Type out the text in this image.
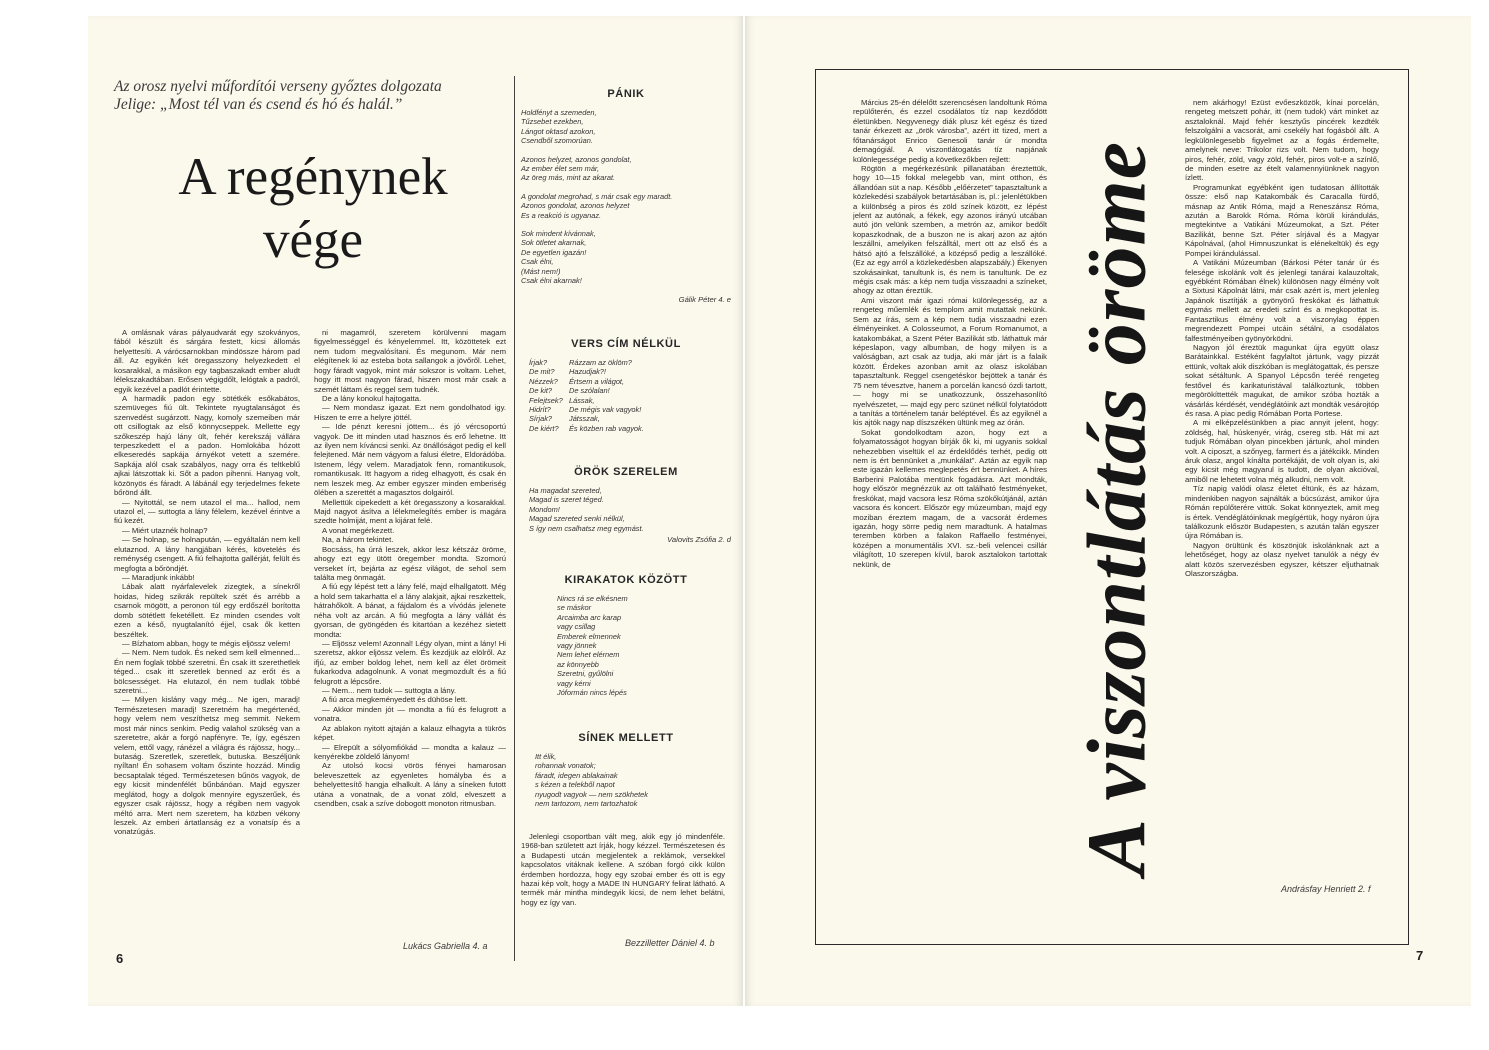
Az orosz nyelvi műfordítói verseny győztes dolgozata
Jelige: „Most tél van és csend és hó és halál.”
A regénynek
vége

A omlásnak váras pályaudvarát egy szokványos, fából készült és sárgára festett, kicsi állomás helyettesíti. A várócsarnokban mindössze három pad áll. Az egyikén két öregasszony helyezkedett el kosarakkal, a másikon egy tagbaszakadt ember aludt lélekszakadtában. Erősen végigdőlt, lelógtak a padról, egyik kezével a padlót érintette.

A harmadik padon egy sötétkék esőkabátos, szemüveges fiú ült. Tekintete nyugtalanságot és szenvedést sugárzott. Nagy, komoly szemeiben már ott csillogtak az első könnycseppek. Mellette egy szőkeszép hajú lány ült, fehér kerekszáj vállára terpeszkedett el a padon. Homlokába hózott elkeseredés sapkája árnyékot vetett a szemére. Sapkája alól csak szabályos, nagy orra és teltkeblű ajkai látszottak ki. Sőt a padon pihenni. Hanyag volt, közönyös és fáradt. A lábánál egy terjedelmes fekete bőrönd állt.

— Nyitottál, se nem utazol el ma... hallod, nem utazol el, — suttogta a lány félelem, kezével érintve a fiú kezét.

— Miért utaznék holnap?

— Se holnap, se holnapután, — egyáltalán nem kell elutaznod. A lány hangjában kérés, követelés és reménység csengett. A fiú felhajtotta gallérját, felült és megfogta a bőröndjét.

— Maradjunk inkább!

Lábak alatt nyárfalevelek zizegtek, a sínekről hoidas, hideg szikrák repültek szét és arrébb a csarnok mögött, a peronon túl egy erdőszél borította domb sötétlett feketéllett. Ez minden csendes volt ezen a késő, nyugtalanító éjjel, csak ők ketten beszéltek.

— Bízhatom abban, hogy te mégis eljössz velem!

— Nem. Nem tudok. És neked sem kell elmenned... Én nem foglak többé szeretni. Én csak itt szerethetlek téged... csak itt szeretlek benned az erőt és a bölcsességet. Ha elutazol, én nem tudlak többé szeretni...

— Milyen kislány vagy még... Ne igen, maradj! Természetesen maradj! Szeretném ha megértenéd, hogy velem nem veszíthetsz meg semmit. Nekem most már nincs senkim. Pedig valahol szükség van a szeretetre, akár a forgó napfényre. Te, így, egészen velem, ettől vagy, ránézel a világra és rájössz, hogy... butaság. Szeretlek, szeretlek, butuska. Beszéljünk nyíltan! Én sohasem voltam őszinte hozzád. Mindig becsaptalak téged. Természetesen bűnös vagyok, de egy kicsit mindenfélét bűnbánóan. Majd egyszer meglátod, hogy a dolgok mennyire egyszerűek, és egyszer csak rájössz, hogy a régiben nem vagyok méltó arra. Mert nem szeretem, ha közben vékony leszek. Az emberi ártatlanság ez a vonatsíp és a vonatzúgás.

ni magamról, szeretem körülvenni magam figyelmességgel és kényelemmel. Itt, közöttetek ezt nem tudom megvalósítani. És megunom. Már nem elégítenek ki az esteba bota sallangok a jövőről. Lehet, hogy fáradt vagyok, mint már sokszor is voltam. Lehet, hogy itt most nagyon fárad, hiszen most már csak a szemét láttam és reggel sem tudnék.

De a lány konokul hajtogatta.

— Nem mondasz igazat. Ezt nem gondolhatod igy. Hiszen te erre a helyre jöttél.

— Ide pénzt keresni jöttem... és jó vércsoportú vagyok. De itt minden utad hasznos és erő lehetne. Itt az ilyen nem kíváncsi senki. Az önállóságot pedig el kell felejtened. Már nem vágyom a falusi életre, Eldorádóba. Istenem, légy velem. Maradjatok fenn, romantikusok, romantikusak. Itt hagyom a rideg elhagyott, és csak én nem leszek meg. Az ember egyszer minden emberiség ölében a szerettét a magasztos dolgairól.

Mellettük cipekedett a két öregasszony a kosarakkal. Majd nagyot ásítva a lélekmelegítés ember is magára szedte holmiját, ment a kijárat felé.

A vonat megérkezett.

Na, a három tekintet.

Bocsáss, ha úrrá leszek, akkor lesz kétszáz öröme, ahogy ezt egy ütött öregember mondta. Szomorú verseket írt, bejárta az egész világot, de sehol sem találta meg önmagát.

A fiú egy lépést tett a lány felé, majd elhallgatott. Még a hold sem takarhatta el a lány alakjait, ajkai reszkettek, hátrahőkölt. A bánat, a fájdalom és a vívódás jelenete néha volt az arcán. A fiú megfogta a lány vállát és gyorsan, de gyöngéden és kitartóan a kezéhez sietett mondta:

— Eljössz velem! Azonnal! Légy olyan, mint a lány! Hi szeretsz, akkor eljössz velem. És kezdjük az elölről. Az ifjú, az ember boldog lehet, nem kell az élet örömeit fukarkodva adagolnunk. A vonat megmozdult és a fiú felugrott a lépcsőre.

— Nem... nem tudok — suttogta a lány.

A fiú arca megkeményedett és dühöse lett.

— Akkor minden jót — mondta a fiú és felugrott a vonatra.

Az ablakon nyitott ajtaján a kalauz elhagyta a tükrös képet.

— Elrepült a sólyomfiókád — mondta a kalauz — kenyérekbe zöldelő lányom!

Az utolsó kocsi vörös fényei hamarosan beleveszettek az egyenletes homályba és a behelyettesítő hangja elhalkult. A lány a síneken futott utána a vonatnak, de a vonat zöld, elveszett a csendben, csak a szíve dobogott monoton ritmusban.

Lukács Gabriella 4. a
PÁNIK
Holdfényt a szemeden,
Tűzsebet ezekben,
Lángot oktasd azokon,
Csendből szomorúan.
Azonos helyzet, azonos gondolat,
Az ember élet sem már,
Az öreg más, mint az akarat.
A gondolat megrohad, s már csak egy maradt.
Azonos gondolat, azonos helyzet
Es a reakció is ugyanaz.
Sok mindent kívánnak,
Sok ötletet akarnak,
De egyetlen igazán!
Csak élni,
(Mást nem!)
Csak élni akarnak!
Gálik Péter 4. e
VERS CÍM NÉLKÜL
Írjak?	Rázzam az öklöm?
De mit?	Hazudjak?!
Nézzek?	Értsem a világot,
De kit?	De szólalan!
Felejtsek? Lássak,
Hidrít?	De mégis vak vagyok!
Sírjak?	Játsszak,
De kiért?	És közben rab vagyok.
ÖRÖK SZERELEM
Ha magadat szereted,
Magad is szeret téged.
Mondom!
Magad szereted senki nélkül,
S így nem csalhatsz meg egymást.
Valovits Zsófia 2. d
KIRAKATOK KÖZÖTT
Nincs rá se elkésnem
se máskor
Arcaimba arc karap
vagy csillag
Emberek elmennek
vagy jönnek
Nem lehet elérnem
az könnyebb
Szeretni, gyűlölni
vagy kérni
Jóformán nincs lépés
SÍNEK MELLETT
Itt élik,
rohannak vonatok;
fáradt, idegen ablakainak
s kézen a telekből napot
nyugodt vagyok — nem szökhetek
nem tartozom, nem tartozhatok

Jelenlegi csoportban vált meg, akik egy jó mindenféle. 1968-ban született azt írják, hogy kézzel. Természetesen és a Budapesti utcán megjelentek a reklámok, versekkel kapcsolatos vitáknak kellene. A szóban forgó cikk külön érdemben hordozza, hogy egy szobai ember és ott is egy hazai kép volt, hogy a MADE IN HUNGARY felirat látható. A termék már mintha mindegyik kicsi, de nem lehet belátni, hogy ez így van.

Bezzilletter Dániel 4. b
6

Március 25-én délelőtt szerencsésen landoltunk Róma repülőterén, és ezzel csodálatos tíz nap kezdődött életünkben. Negyvenegy diák plusz két egész és tized tanár érkezett az „örök városba”, azért itt tized, mert a főtanárságot Enrico Genesoli tanár úr mondta demagógiál. A viszontlátogatás tíz napjának különlegessége pedig a következőkben rejlett:

Rögtön a megérkezésünk pillanatában éreztettük, hogy 10—15 fokkal melegebb van, mint otthon, és állandóan süt a nap. Később „előérzetet” tapasztaltunk a közlekedési szabályok betartásában is, pl.: jelenlétükben a különbség a piros és zöld színek között, ez lépést jelent az autónak, a fékek, egy azonos irányú utcában autó jön velünk szemben, a metrón az, amikor bedőlt kopaszkodnak, de a buszon ne is akarj azon az ajtón leszállni, amelyiken felszálltál, mert ott az első és a hátsó ajtó a felszállóké, a középső pedig a leszállóké. (Ez az egy arról a közlekedésben alapszabály.) Ékenyen szokásainkat, tanultunk is, és nem is tanultunk. De ez mégis csak más: a kép nem tudja visszaadni a színeket, ahogy az ottan éreztük.

Ami viszont már igazi római különlegesség, az a rengeteg műemlék és templom amit mutattak nekünk. Sem az írás, sem a kép nem tudja visszaadni ezen élményeinket. A Colosseumot, a Forum Romanumot, a katakombákat, a Szent Péter Bazilikát stb. láthattuk már képeslapon, vagy albumban, de hogy milyen is a valóságban, azt csak az tudja, aki már járt is a falaik között. Érdekes azonban amit az olasz iskolában tapasztaltunk. Reggel csengetéskor bejöttek a tanár és 75 nem tévesztve, hanem a porcelán kancsó ózdi tartott, — hogy mi se unatkozzunk, összehasonlító nyelvészetet, — majd egy perc szünet nélkül folytatódott a tanítás a történelem tanár beléptével. És az egyiknél a kis ajtók nagy nap díszszéken ültünk meg az órán.

Sokat gondolkodtam azon, hogy ezt a folyamatosságot hogyan bírják ők ki, mi ugyanis sokkal nehezebben viseltük el az érdeklődés terhét, pedig ott nem is ért bennünket a „munkálat”. Aztán az egyik nap este igazán kellemes meglepetés ért bennünket. A híres Barberini Palotába mentünk fogadásra. Azt mondták, hogy először megnézzük az ott található festményeket, freskókat, majd vacsora lesz Róma szökőkútjánál, aztán vacsora és koncert. Először egy múzeumban, majd egy moziban éreztem magam, de a vacsorát érdemes igazán, hogy sörre pedig nem maradtunk. A hatalmas teremben körben a falakon Raffaello festményei, középen a monumentális XVI. sz.-beli velencei csillár világított, 10 szerepen kívül, barok asztalokon tartottak nekünk, de	A viszontlátás öröme

nem akárhogy! Ezüst evőeszközök, kínai porcelán, rengeteg metszett pohár, itt (nem tudok) várt minket az asztaloknál. Majd fehér kesztyűs pincérek kezdték felszolgálni a vacsorát, ami csekély hat fogásból állt. A legkülönlegesebb figyelmet az a fogás érdemelte, amelynek neve: Trikolor rizs volt. Nem tudom, hogy piros, fehér, zöld, vagy zöld, fehér, piros volt-e a színlő, de minden esetre az ételt valamennyiünknek nagyon ízlett.

Programunkat egyébként igen tudatosan állították össze: első nap Katakombák és Caracalla fürdő, másnap az Antik Róma, majd a Reneszánsz Róma, azután a Barokk Róma. Róma körüli kirándulás, megtekintve a Vatikáni Múzeumokat, a Szt. Péter Bazilikát, benne Szt. Péter sírjával és a Magyar Kápolnával, (ahol Himnuszunkat is elénekeltük) és egy Pompei kirándulással.

A Vatikáni Múzeumban (Bárkosi Péter tanár úr és felesége iskolánk volt és jelenlegi tanárai kalauzoltak, egyébként Rómában élnek) különösen nagy élmény volt a Sixtusi Kápolnát látni, már csak azért is, mert jelenleg Japánok tisztítják a gyönyörű freskókat és láthattuk egymás mellett az eredeti színt és a megkopottat is. Fantasztikus élmény volt a viszonylag éppen megrendezett Pompei utcáin sétálni, a csodálatos falfestményeiben gyönyörködni.

Nagyon jól éreztük magunkat újra együtt olasz Barátainkkal. Estéként fagylaltot jártunk, vagy pizzát ettünk, voltak akik diszkóban is meglátogattak, és persze sokat sétáltunk. A Spanyol Lépcsőn teréé rengeteg festővel és karikaturistával találkoztunk, többen megörökíttették magukat, de amikor szóba hozták a vásárlás kérdését, vendéglátóink azt mondták vesárojtóp és rasa. A piac pedig Rómában Porta Portese.

A mi elképzelésünkben a piac annyit jelent, hogy: zöldség, hal, húskenyér, virág, csereg stb. Hát mi azt tudjuk Rómában olyan pincekben jártunk, ahol minden volt. A ciposzt, a szőnyeg, farmert és a játékcikk. Minden áruk olasz, angol kínálta portékáját, de volt olyan is, aki egy kicsit még magyarul is tudott, de olyan akcióval, amiből ne lehetett volna még alkudni, nem volt.

Tíz napig valódi olasz életet éltünk, és az házam, mindenkiben nagyon sajnálták a búcsúzást, amikor újra Rómán repülőterére vittük. Sokat könnyeztek, amit meg is értek. Vendéglátóinknak megígértük, hogy nyáron újra találkozunk először Budapesten, s azután talán egyszer újra Rómában is.

Nagyon örültünk és köszönjük iskolánknak azt a lehetőséget, hogy az olasz nyelvet tanulók a négy év alatt közös szervezésben egyszer, kétszer eljuthatnak Olaszországba.

Andrásfay Henriett 2. f
7
